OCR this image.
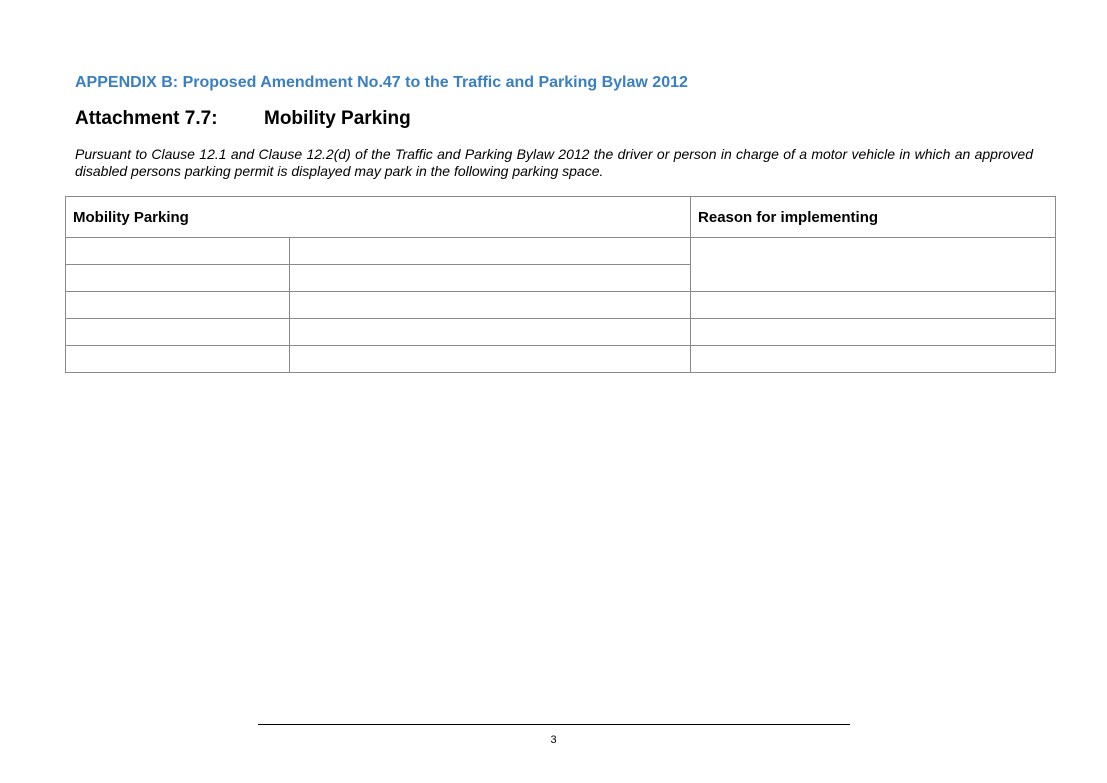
APPENDIX B: Proposed Amendment No.47 to the Traffic and Parking Bylaw 2012
Attachment 7.7: Mobility Parking
Pursuant to Clause 12.1 and Clause 12.2(d) of the Traffic and Parking Bylaw 2012 the driver or person in charge of a motor vehicle in which an approved disabled persons parking permit is displayed may park in the following parking space.
Mobility Parking		Reason for implementing

3
